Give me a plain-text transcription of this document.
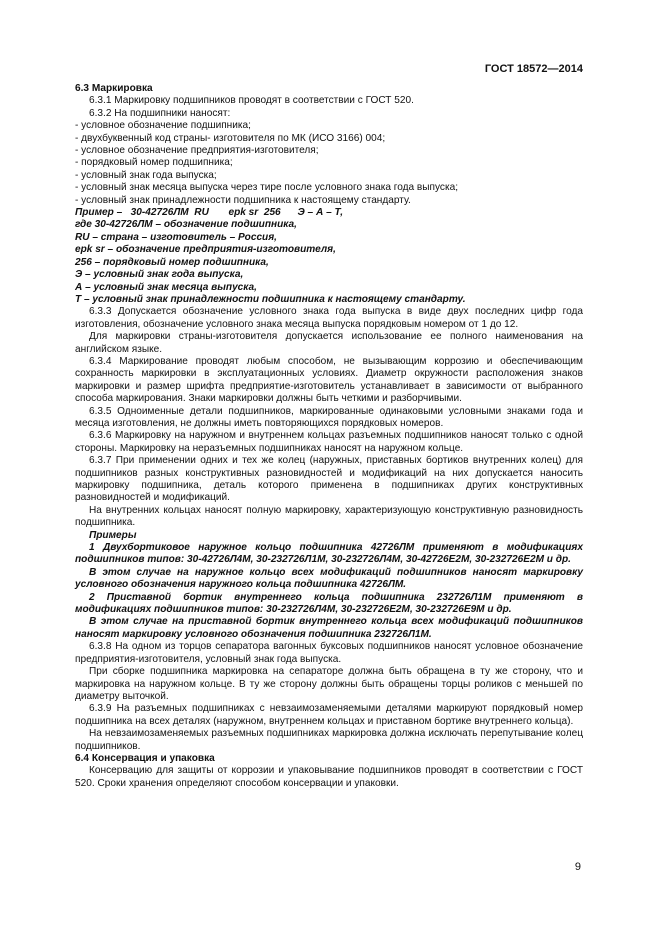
ГОСТ 18572—2014

6.3 Маркировка

6.3.1 Маркировку подшипников проводят в соответствии с ГОСТ 520.

6.3.2 На подшипники наносят:

- условное обозначение подшипника;

- двухбуквенный код страны- изготовителя по МК (ИСО 3166) 004;

- условное обозначение предприятия-изготовителя;

- порядковый номер подшипника;

- условный знак года выпуска;

- условный знак месяца выпуска через тире после условного знака года выпуска;

- условный знак принадлежности подшипника к настоящему стандарту.

Пример –   30-42726ЛМ  RU       epk sr  256      Э – А – Т,

где 30-42726ЛМ – обозначение подшипника,

RU – страна – изготовитель – Россия,

epk sr – обозначение предприятия-изготовителя,

256 – порядковый номер подшипника,

Э – условный знак года выпуска,

А – условный знак месяца выпуска,

Т – условный знак принадлежности подшипника к настоящему стандарту.

6.3.3 Допускается обозначение условного знака года выпуска в виде двух последних цифр года изготовления, обозначение условного знака месяца выпуска порядковым номером от 1 до 12.

Для маркировки страны-изготовителя допускается использование ее полного наименования на английском языке.

6.3.4 Маркирование проводят любым способом, не вызывающим коррозию и обеспечивающим сохранность маркировки в эксплуатационных условиях. Диаметр окружности расположения знаков маркировки и размер шрифта предприятие-изготовитель устанавливает в зависимости от выбранного способа маркирования. Знаки маркировки должны быть четкими и разборчивыми.

6.3.5 Одноименные детали подшипников, маркированные одинаковыми условными знаками года и месяца изготовления, не должны иметь повторяющихся порядковых номеров.

6.3.6 Маркировку на наружном и внутреннем кольцах разъемных подшипников наносят только с одной стороны. Маркировку на неразъемных подшипниках наносят на наружном кольце.

6.3.7 При применении одних и тех же колец (наружных, приставных бортиков внутренних колец) для подшипников разных конструктивных разновидностей и модификаций на них допускается наносить маркировку подшипника, деталь которого применена в подшипниках других конструктивных разновидностей и модификаций.

На внутренних кольцах наносят полную маркировку, характеризующую конструктивную разновидность подшипника.

Примеры

1 Двухбортиковое наружное кольцо подшипника 42726ЛМ применяют в модификациях подшипников типов: 30-42726Л4М, 30-232726Л1М, 30-232726Л4М, 30-42726Е2М, 30-232726Е2М и др.

В этом случае на наружное кольцо всех модификаций подшипников наносят маркировку условного обозначения наружного кольца подшипника 42726ЛМ.

2 Приставной бортик внутреннего кольца подшипника 232726Л1М применяют в модификациях подшипников типов: 30-232726Л4М, 30-232726Е2М, 30-232726Е9М и др.

В этом случае на приставной бортик внутреннего кольца всех модификаций подшипников наносят маркировку условного обозначения подшипника 232726Л1М.

6.3.8 На одном из торцов сепаратора вагонных буксовых подшипников наносят условное обозначение предприятия-изготовителя, условный знак года выпуска.

При сборке подшипника маркировка на сепараторе должна быть обращена в ту же сторону, что и маркировка на наружном кольце. В ту же сторону должны быть обращены торцы роликов с меньшей по диаметру выточкой.

6.3.9 На разъемных подшипниках с невзаимозаменяемыми деталями маркируют порядковый номер подшипника на всех деталях (наружном, внутреннем кольцах и приставном бортике внутреннего кольца).

На невзаимозаменяемых разъемных подшипниках маркировка должна исключать перепутывание колец подшипников.

6.4 Консервация и упаковка

Консервацию для защиты от коррозии и упаковывание подшипников проводят в соответствии с ГОСТ 520. Сроки хранения определяют способом консервации и упаковки.

9
